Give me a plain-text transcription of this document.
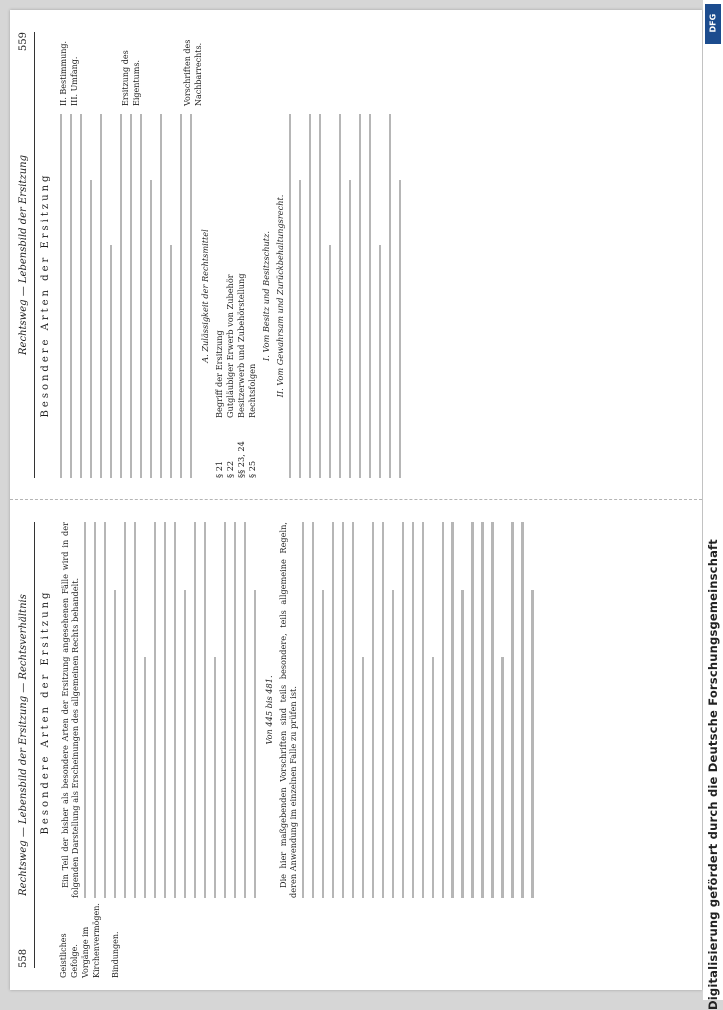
558
Rechtsweg — Lebensbild der Ersitzung — Rechtsverhältnis Besondere Arten der Ersitzung
Geistliches Gefolge. Vorgänge im Kirchenvermögen. Bindungen.

Ein Teil der bisher als besondere Arten der Ersitzung angesehenen Fälle wird in der folgenden Darstellung als Erscheinungen des allgemeinen Rechts behandelt.	Von 445 bis 481. Die hier maßgebenden Vorschriften sind teils besondere, teils allgemeine Regeln, deren Anwendung im einzelnen Falle zu prüfen ist.

Rechtsweg — Lebensbild der Ersitzung
559
Besondere Arten der Ersitzung
II. Bestimmung. III. Umfang.	Ersitzung des Eigentums.	Vorschriften des Nachbarrechts.
A. Zulässigkeit der Rechtsmittel
§ 21
Begriff der Ersitzung
§ 22
Gutgläubiger Erwerb von Zubehör
§§ 23, 24
Besitzerwerb und Zubehörstellung
§ 25
Rechtsfolgen
I. Vom Besitz und Besitzschutz. II. Vom Gewahrsam und Zurückbehaltungsrecht.
DFG
Digitalisierung gefördert durch die Deutsche Forschungsgemeinschaft
